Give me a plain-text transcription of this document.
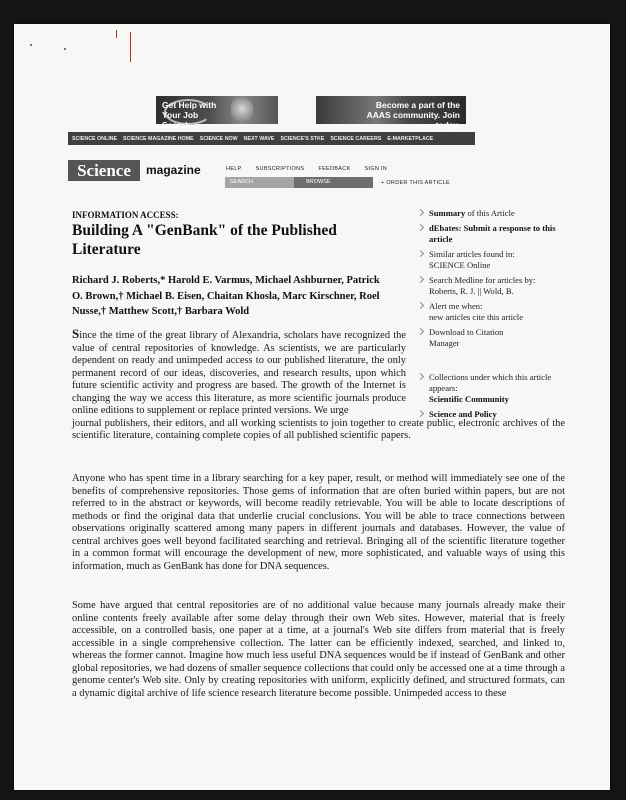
Get Help with Your Job Search
Become a part of the AAAS community. Join today.
SCIENCE ONLINE SCIENCE MAGAZINE HOME SCIENCE NOW NEXT WAVE SCIENCE'S STKE SCIENCE CAREERS E-MARKETPLACE
Science	magazine	HELP	SUBSCRIPTIONS	FEEDBACK	SIGN IN
SEARCH	BROWSE	+ ORDER THIS ARTICLE
INFORMATION ACCESS:
Building A "GenBank" of the Published Literature
Richard J. Roberts,* Harold E. Varmus, Michael Ashburner, Patrick O. Brown,† Michael B. Eisen, Chaitan Khosla, Marc Kirschner, Roel Nusse,† Matthew Scott,† Barbara Wold
Summary of this Article
dEbates: Submit a response to this article
Similar articles found in:
SCIENCE Online
Search Medline for articles by:
Roberts, R. J. || Wold, B.
Alert me when:
new articles cite this article
Download to Citation
Manager
Collections under which this article appears:
Scientific Community
Science and Policy
Since the time of the great library of Alexandria, scholars have recognized the value of central repositories of knowledge. As scientists, we are particularly dependent on ready and unimpeded access to our published literature, the only permanent record of our ideas, discoveries, and research results, upon which future scientific activity and progress are based. The growth of the Internet is changing the way we access this literature, as more scientific journals produce online editions to supplement or replace printed versions. We urge
journal publishers, their editors, and all working scientists to join together to create public, electronic archives of the scientific literature, containing complete copies of all published scientific papers.
Anyone who has spent time in a library searching for a key paper, result, or method will immediately see one of the benefits of comprehensive repositories. Those gems of information that are often buried within papers, but are not referred to in the abstract or keywords, will become readily retrievable. You will be able to locate descriptions of methods or find the original data that underlie crucial conclusions. You will be able to trace connections between observations originally scattered among many papers in different journals and databases. However, the value of central archives goes well beyond facilitated searching and retrieval. Bringing all of the scientific literature together in a common format will encourage the development of new, more sophisticated, and valuable ways of using this information, much as GenBank has done for DNA sequences.
Some have argued that central repositories are of no additional value because many journals already make their online contents freely available after some delay through their own Web sites. However, material that is freely accessible, on a controlled basis, one paper at a time, at a journal's Web site differs from material that is freely accessible in a single comprehensive collection. The latter can be efficiently indexed, searched, and linked to, whereas the former cannot. Imagine how much less useful DNA sequences would be if instead of GenBank and other global repositories, we had dozens of smaller sequence collections that could only be accessed one at a time through a genome center's Web site. Only by creating repositories with uniform, explicitly defined, and structured formats, can a dynamic digital archive of life science research literature become possible. Unimpeded access to these
